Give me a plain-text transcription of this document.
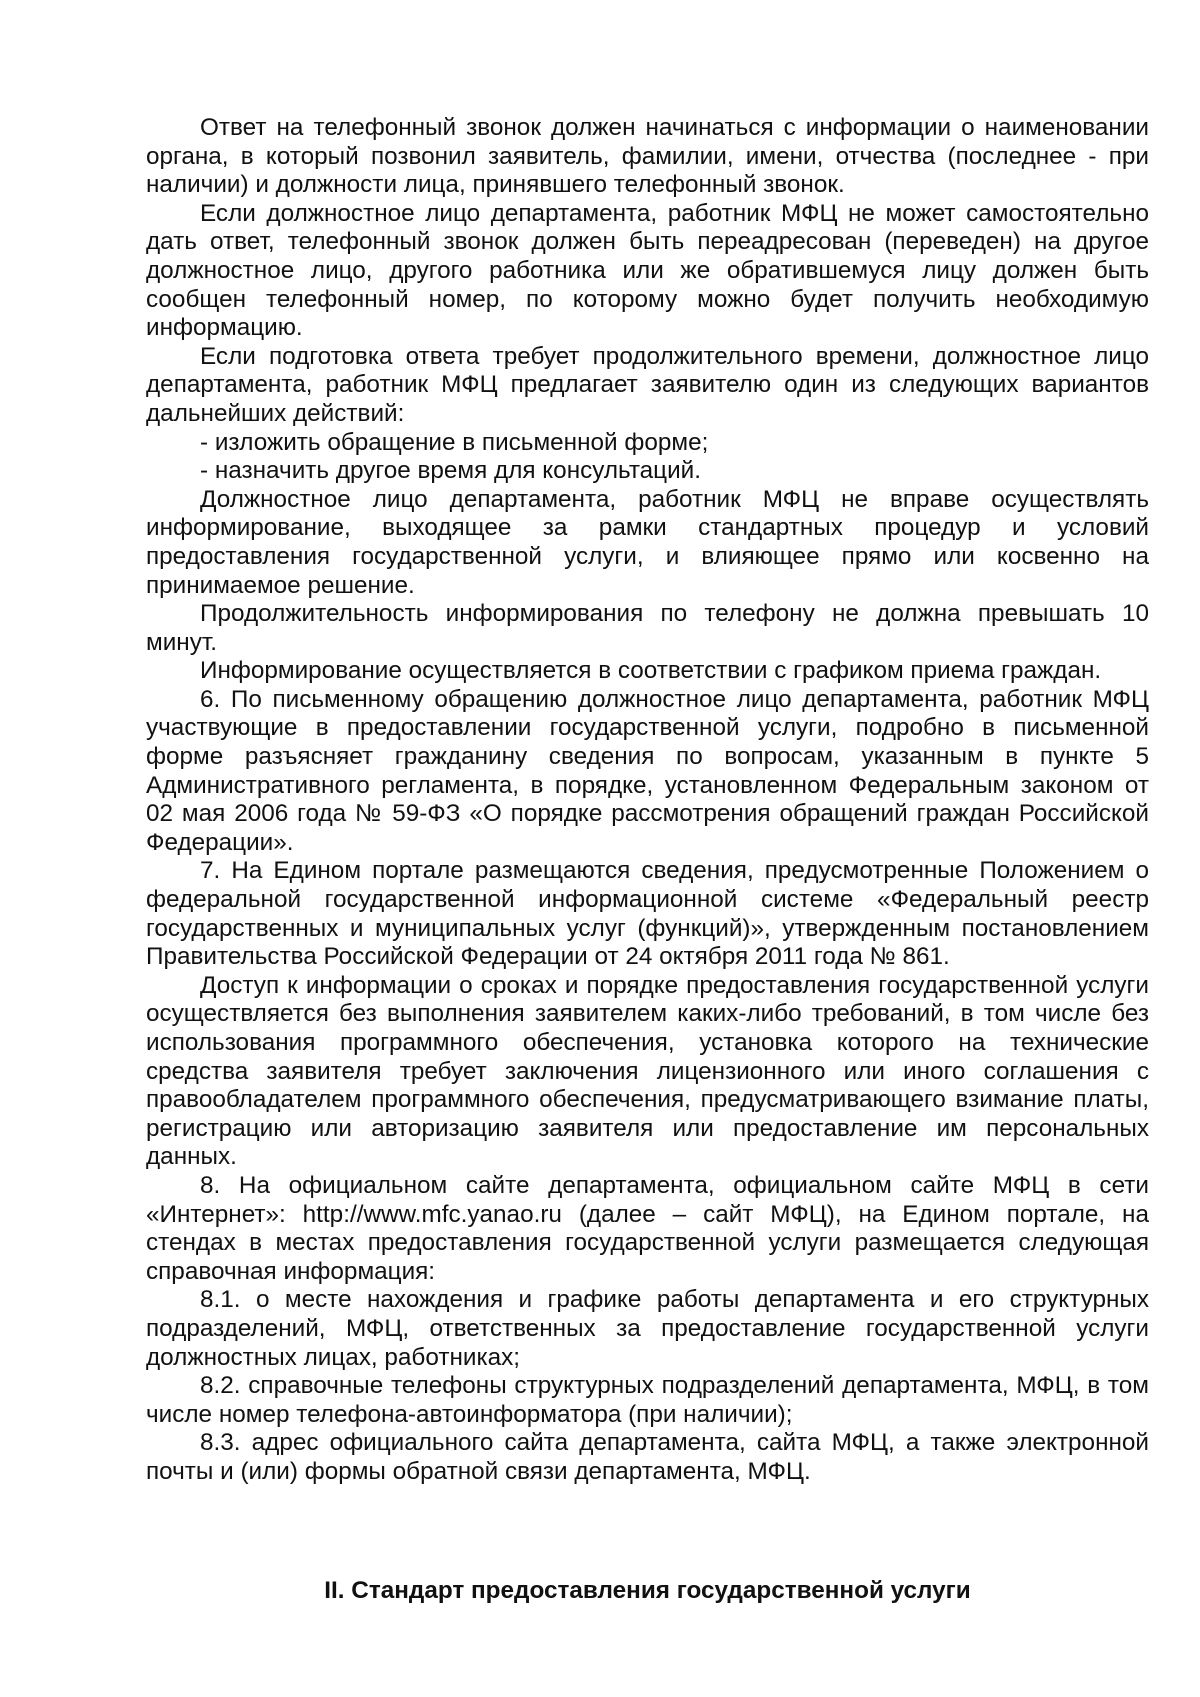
Ответ на телефонный звонок должен начинаться с информации о наименовании органа, в который позвонил заявитель, фамилии, имени, отчества (последнее - при наличии) и должности лица, принявшего телефонный звонок.

Если должностное лицо департамента, работник МФЦ не может самостоятельно дать ответ, телефонный звонок должен быть переадресован (переведен) на другое должностное лицо, другого работника или же обратившемуся лицу должен быть сообщен телефонный номер, по которому можно будет получить необходимую информацию.

Если подготовка ответа требует продолжительного времени, должностное лицо департамента, работник МФЦ предлагает заявителю один из следующих вариантов дальнейших действий:

- изложить обращение в письменной форме;

- назначить другое время для консультаций.

Должностное лицо департамента, работник МФЦ не вправе осуществлять информирование, выходящее за рамки стандартных процедур и условий предоставления государственной услуги, и влияющее прямо или косвенно на принимаемое решение.

Продолжительность информирования по телефону не должна превышать 10 минут.

Информирование осуществляется в соответствии с графиком приема граждан.

6. По письменному обращению должностное лицо департамента, работник МФЦ участвующие в предоставлении государственной услуги, подробно в письменной форме разъясняет гражданину сведения по вопросам, указанным в пункте 5 Административного регламента, в порядке, установленном Федеральным законом от 02 мая 2006 года № 59-ФЗ «О порядке рассмотрения обращений граждан Российской Федерации».

7. На Едином портале размещаются сведения, предусмотренные Положением о федеральной государственной информационной системе «Федеральный реестр государственных и муниципальных услуг (функций)», утвержденным постановлением Правительства Российской Федерации от 24 октября 2011 года № 861.

Доступ к информации о сроках и порядке предоставления государственной услуги осуществляется без выполнения заявителем каких-либо требований, в том числе без использования программного обеспечения, установка которого на технические средства заявителя требует заключения лицензионного или иного соглашения с правообладателем программного обеспечения, предусматривающего взимание платы, регистрацию или авторизацию заявителя или предоставление им персональных данных.

8. На официальном сайте департамента, официальном сайте МФЦ в сети «Интернет»: http://www.mfc.yanao.ru (далее – сайт МФЦ), на Едином портале, на стендах в местах предоставления государственной услуги размещается следующая справочная информация:

8.1. о месте нахождения и графике работы департамента и его структурных подразделений, МФЦ, ответственных за предоставление государственной услуги должностных лицах, работниках;

8.2. справочные телефоны структурных подразделений департамента, МФЦ, в том числе номер телефона-автоинформатора (при наличии);

8.3. адрес официального сайта департамента, сайта МФЦ, а также электронной почты и (или) формы обратной связи департамента, МФЦ.

II. Стандарт предоставления государственной услуги
